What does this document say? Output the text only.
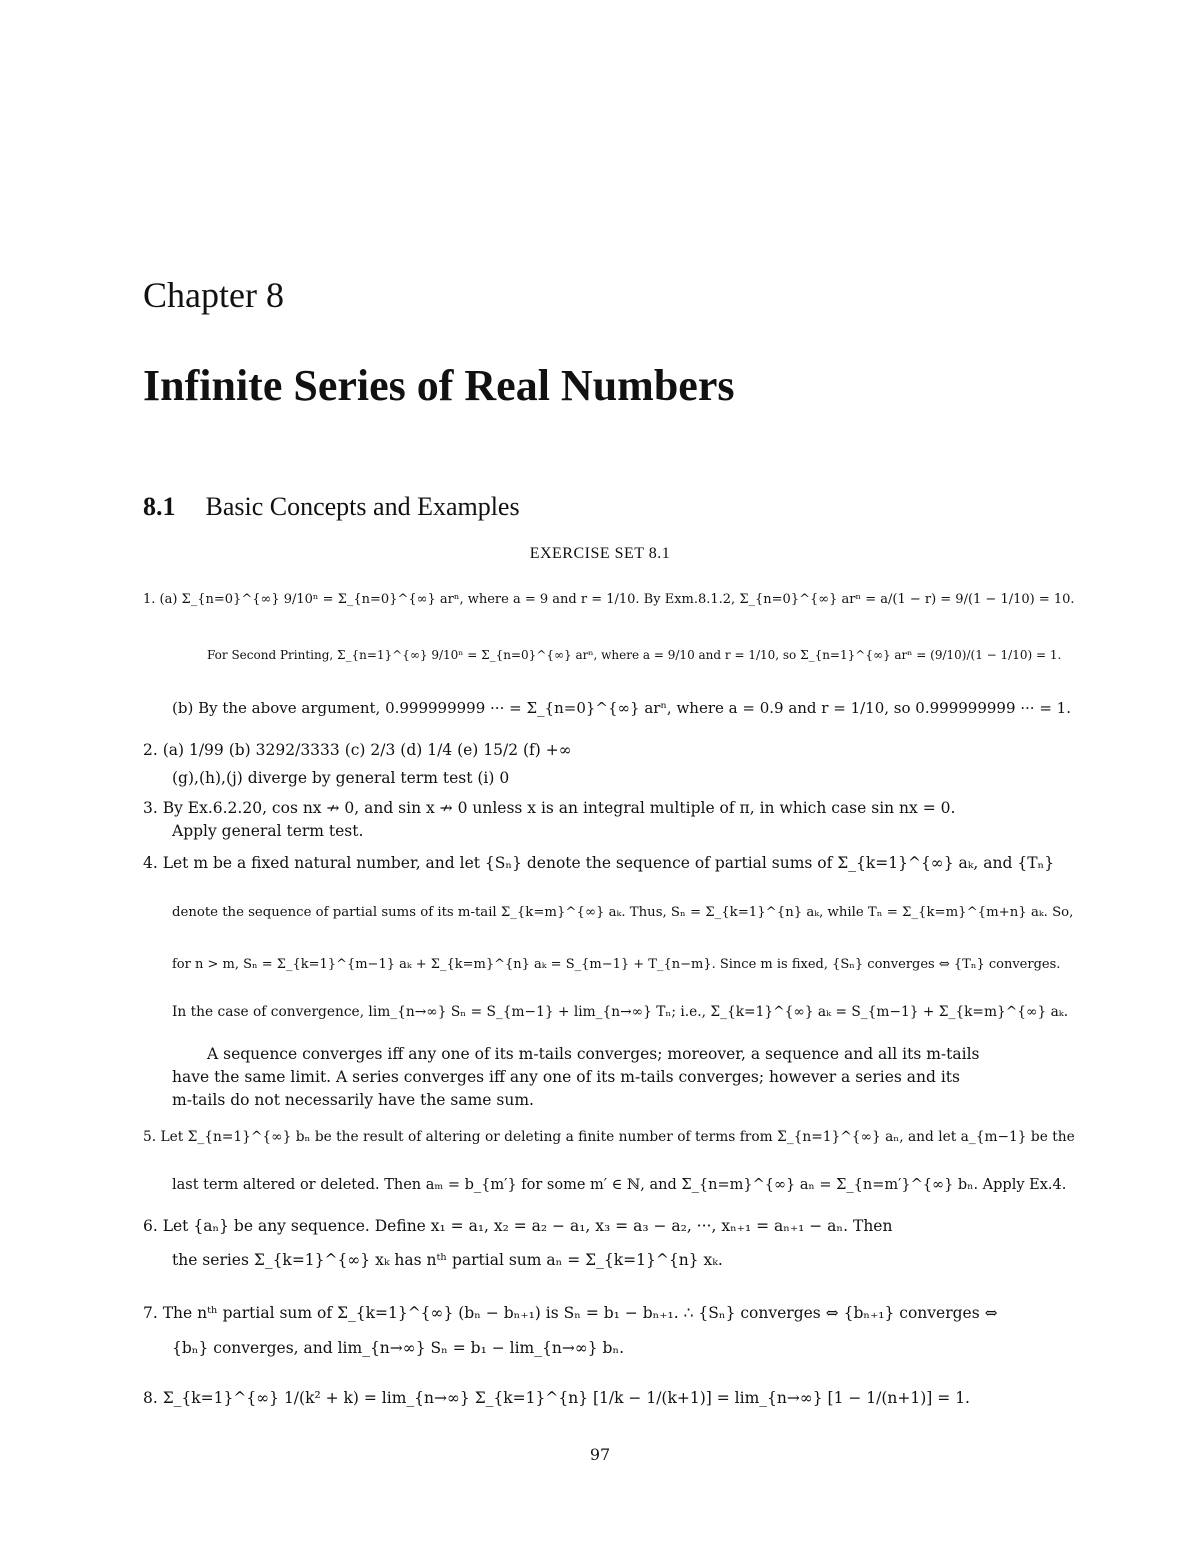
Chapter 8
Infinite Series of Real Numbers
8.1 Basic Concepts and Examples
EXERCISE SET 8.1
1. (a) Σ_{n=0}^{∞} 9/10ⁿ = Σ_{n=0}^{∞} arⁿ, where a = 9 and r = 1/10. By Exm.8.1.2, Σ_{n=0}^{∞} arⁿ = a/(1 − r) = 9/(1 − 1/10) = 10.
For Second Printing, Σ_{n=1}^{∞} 9/10ⁿ = Σ_{n=0}^{∞} arⁿ, where a = 9/10 and r = 1/10, so Σ_{n=1}^{∞} arⁿ = (9/10)/(1 − 1/10) = 1.
(b) By the above argument, 0.999999999 ··· = Σ_{n=0}^{∞} arⁿ, where a = 0.9 and r = 1/10, so 0.999999999 ··· = 1.
2. (a) 1/99 (b) 3292/3333 (c) 2/3 (d) 1/4 (e) 15/2 (f) +∞
(g),(h),(j) diverge by general term test (i) 0
3. By Ex.6.2.20, cos nx ↛ 0, and sin x ↛ 0 unless x is an integral multiple of π, in which case sin nx = 0.
Apply general term test.
4. Let m be a fixed natural number, and let {Sₙ} denote the sequence of partial sums of Σ_{k=1}^{∞} aₖ, and {Tₙ}
denote the sequence of partial sums of its m-tail Σ_{k=m}^{∞} aₖ. Thus, Sₙ = Σ_{k=1}^{n} aₖ, while Tₙ = Σ_{k=m}^{m+n} aₖ. So,
for n > m, Sₙ = Σ_{k=1}^{m−1} aₖ + Σ_{k=m}^{n} aₖ = S_{m−1} + T_{n−m}. Since m is fixed, {Sₙ} converges ⇔ {Tₙ} converges.
In the case of convergence, lim_{n→∞} Sₙ = S_{m−1} + lim_{n→∞} Tₙ; i.e., Σ_{k=1}^{∞} aₖ = S_{m−1} + Σ_{k=m}^{∞} aₖ.
A sequence converges iff any one of its m-tails converges; moreover, a sequence and all its m-tails
have the same limit. A series converges iff any one of its m-tails converges; however a series and its
m-tails do not necessarily have the same sum.
5. Let Σ_{n=1}^{∞} bₙ be the result of altering or deleting a finite number of terms from Σ_{n=1}^{∞} aₙ, and let a_{m−1} be the
last term altered or deleted. Then aₘ = b_{m′} for some m′ ∈ ℕ, and Σ_{n=m}^{∞} aₙ = Σ_{n=m′}^{∞} bₙ. Apply Ex.4.
6. Let {aₙ} be any sequence. Define x₁ = a₁, x₂ = a₂ − a₁, x₃ = a₃ − a₂, ···, xₙ₊₁ = aₙ₊₁ − aₙ. Then
the series Σ_{k=1}^{∞} xₖ has nᵗʰ partial sum aₙ = Σ_{k=1}^{n} xₖ.
7. The nᵗʰ partial sum of Σ_{k=1}^{∞} (bₙ − bₙ₊₁) is Sₙ = b₁ − bₙ₊₁. ∴ {Sₙ} converges ⇔ {bₙ₊₁} converges ⇔
{bₙ} converges, and lim_{n→∞} Sₙ = b₁ − lim_{n→∞} bₙ.
8. Σ_{k=1}^{∞} 1/(k² + k) = lim_{n→∞} Σ_{k=1}^{n} [1/k − 1/(k+1)] = lim_{n→∞} [1 − 1/(n+1)] = 1.
97
